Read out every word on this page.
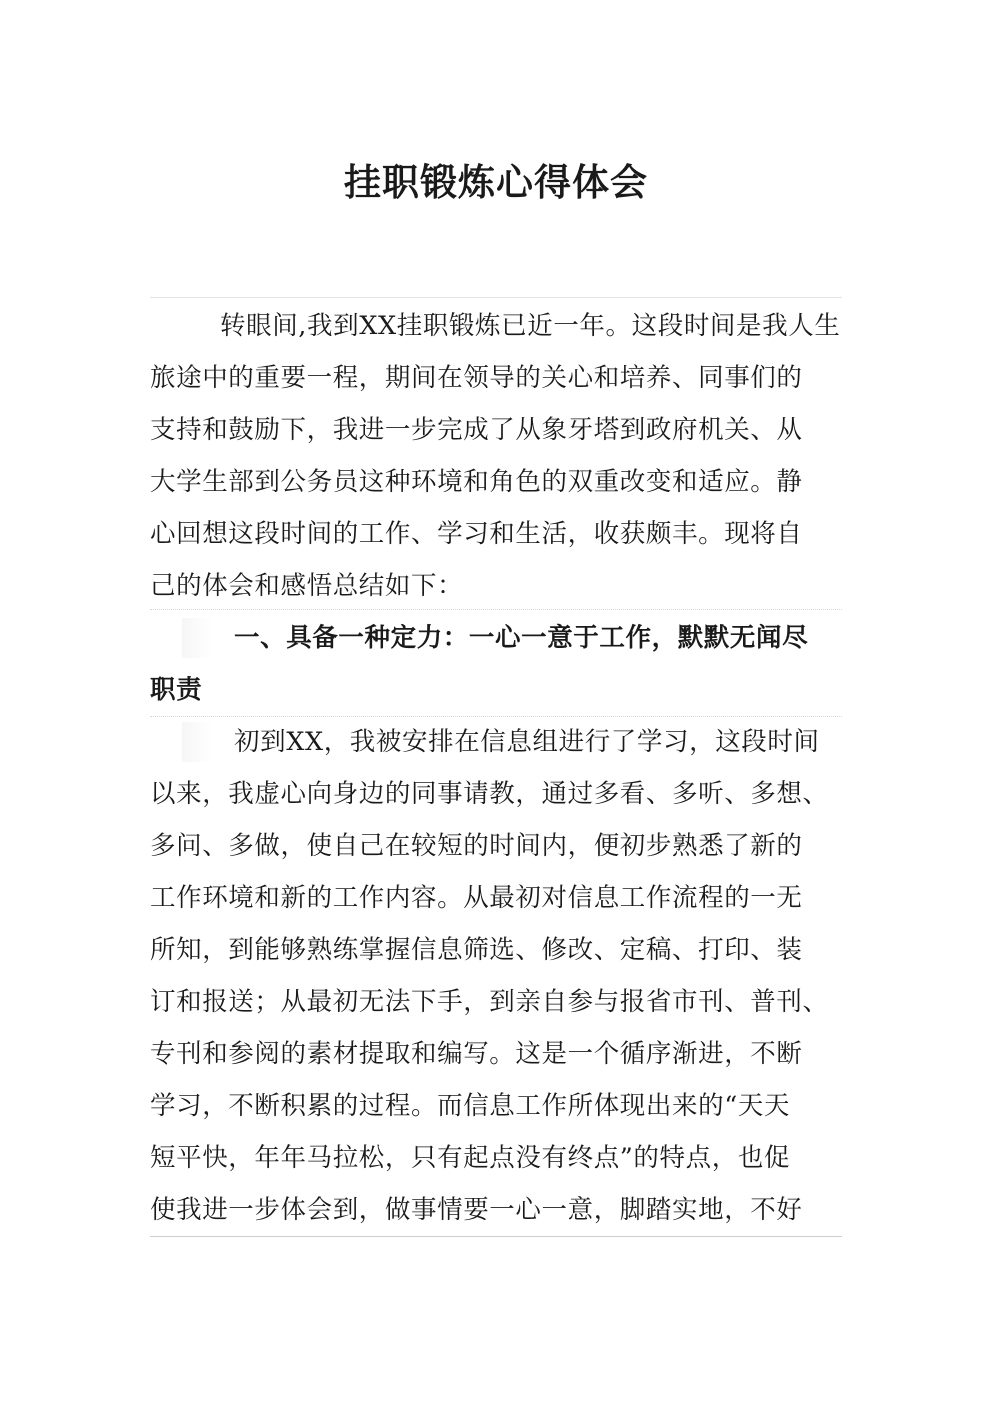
挂职锻炼心得体会
转眼间,我到XX挂职锻炼已近一年。这段时间是我人生
旅途中的重要一程，期间在领导的关心和培养、同事们的
支持和鼓励下，我进一步完成了从象牙塔到政府机关、从
大学生部到公务员这种环境和角色的双重改变和适应。静
心回想这段时间的工作、学习和生活，收获颇丰。现将自
己的体会和感悟总结如下：
一、具备一种定力：一心一意于工作，默默无闻尽
职责
初到XX，我被安排在信息组进行了学习，这段时间
以来，我虚心向身边的同事请教，通过多看、多听、多想、
多问、多做，使自己在较短的时间内，便初步熟悉了新的
工作环境和新的工作内容。从最初对信息工作流程的一无
所知，到能够熟练掌握信息筛选、修改、定稿、打印、装
订和报送；从最初无法下手，到亲自参与报省市刊、普刊、
专刊和参阅的素材提取和编写。这是一个循序渐进，不断
学习，不断积累的过程。而信息工作所体现出来的“天天
短平快，年年马拉松，只有起点没有终点”的特点，也促
使我进一步体会到，做事情要一心一意，脚踏实地，不好
